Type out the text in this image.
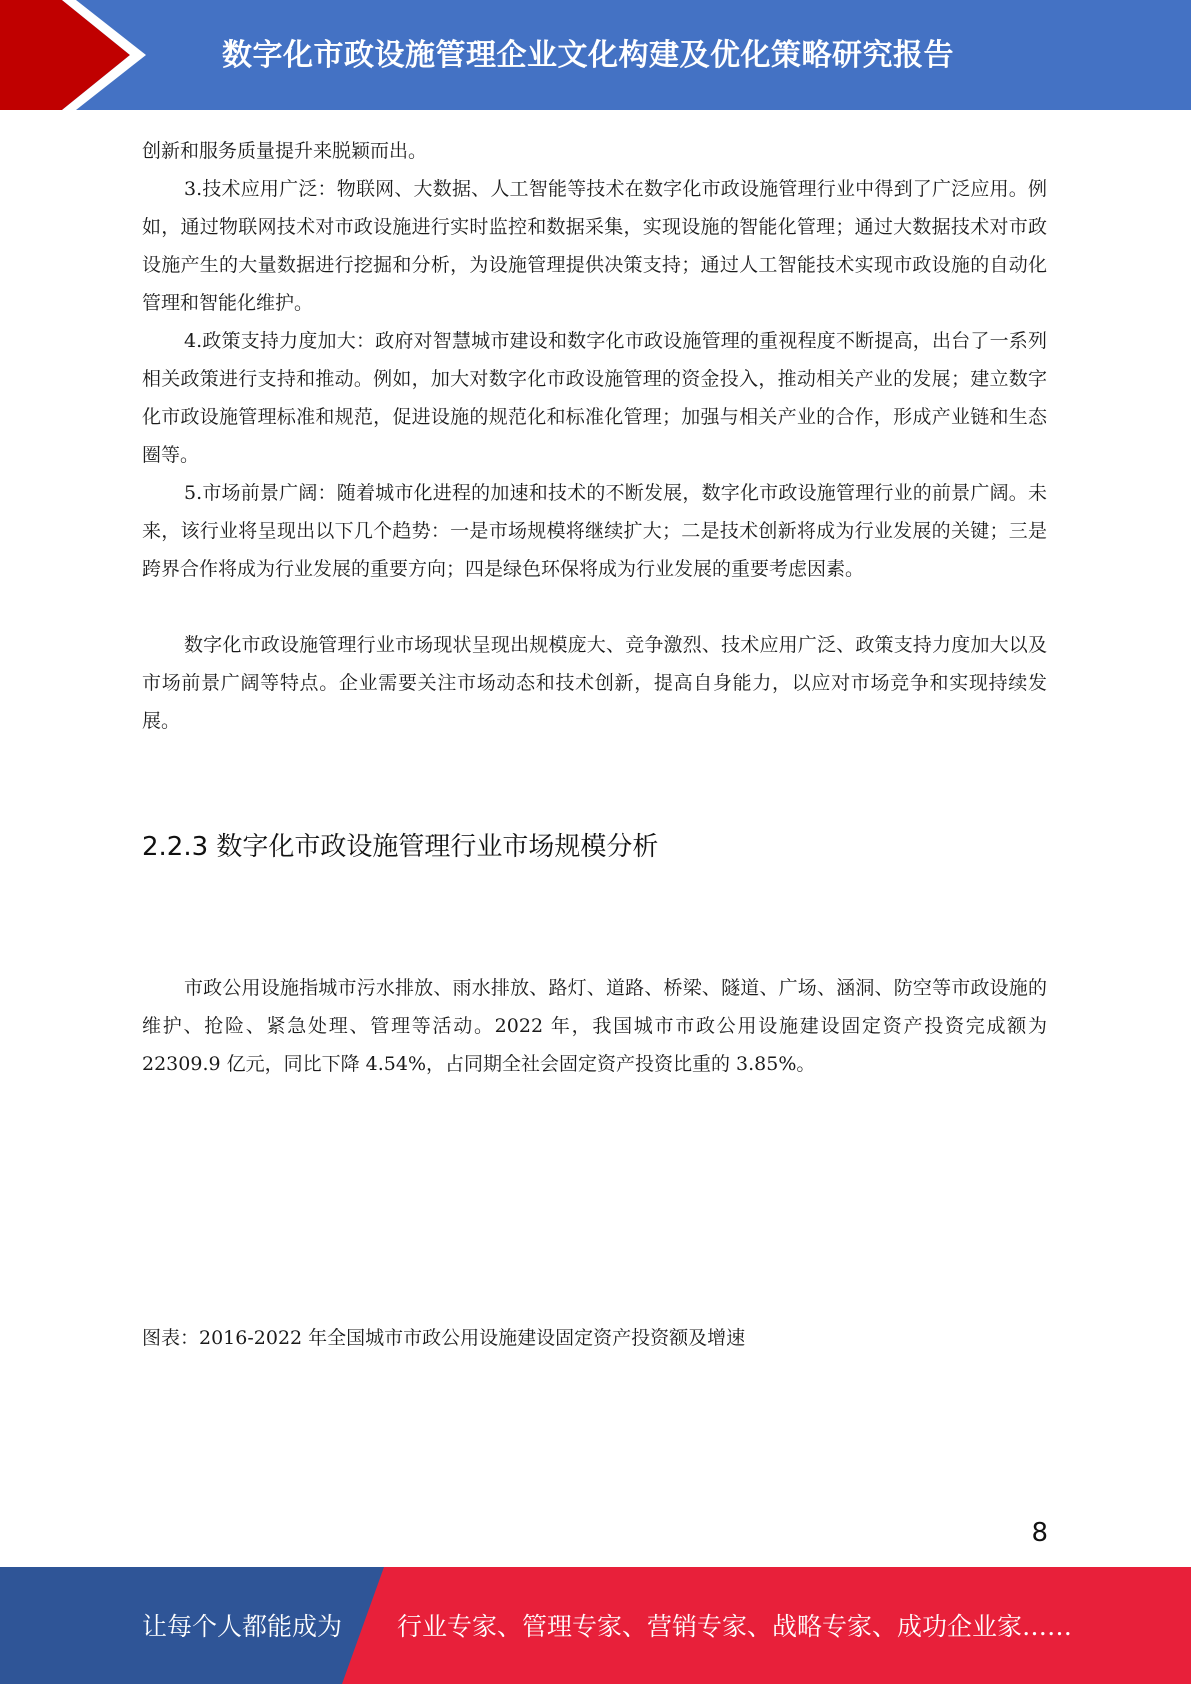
数字化市政设施管理企业文化构建及优化策略研究报告

创新和服务质量提升来脱颖而出。

3.技术应用广泛：物联网、大数据、人工智能等技术在数字化市政设施管理行业中得到了广泛应用。例如，通过物联网技术对市政设施进行实时监控和数据采集，实现设施的智能化管理；通过大数据技术对市政设施产生的大量数据进行挖掘和分析，为设施管理提供决策支持；通过人工智能技术实现市政设施的自动化管理和智能化维护。

4.政策支持力度加大：政府对智慧城市建设和数字化市政设施管理的重视程度不断提高，出台了一系列相关政策进行支持和推动。例如，加大对数字化市政设施管理的资金投入，推动相关产业的发展；建立数字化市政设施管理标准和规范，促进设施的规范化和标准化管理；加强与相关产业的合作，形成产业链和生态圈等。

5.市场前景广阔：随着城市化进程的加速和技术的不断发展，数字化市政设施管理行业的前景广阔。未来，该行业将呈现出以下几个趋势：一是市场规模将继续扩大；二是技术创新将成为行业发展的关键；三是跨界合作将成为行业发展的重要方向；四是绿色环保将成为行业发展的重要考虑因素。

数字化市政设施管理行业市场现状呈现出规模庞大、竞争激烈、技术应用广泛、政策支持力度加大以及市场前景广阔等特点。企业需要关注市场动态和技术创新，提高自身能力，以应对市场竞争和实现持续发展。

2.2.3 数字化市政设施管理行业市场规模分析

市政公用设施指城市污水排放、雨水排放、路灯、道路、桥梁、隧道、广场、涵洞、防空等市政设施的维护、抢险、紧急处理、管理等活动。2022 年，我国城市市政公用设施建设固定资产投资完成额为 22309.9 亿元，同比下降 4.54%，占同期全社会固定资产投资比重的 3.85%。

图表：2016-2022 年全国城市市政公用设施建设固定资产投资额及增速
8
让每个人都能成为 行业专家、管理专家、营销专家、战略专家、成功企业家……
